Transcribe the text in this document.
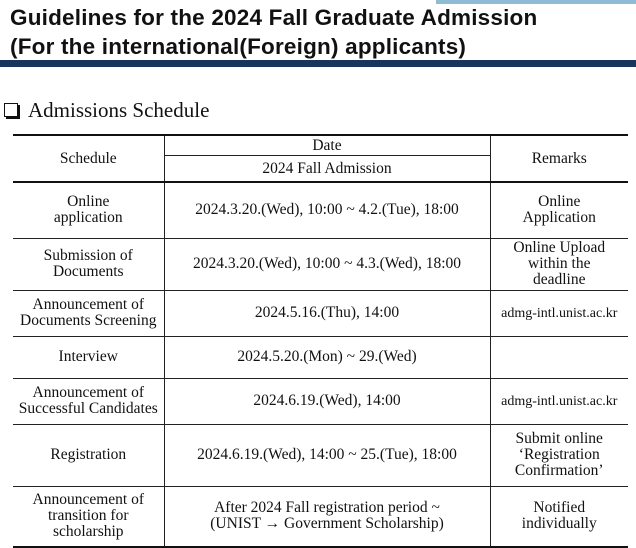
Guidelines for the 2024 Fall Graduate Admission
(For the international(Foreign) applicants)
Admissions Schedule
Schedule	Date	Remarks
	2024 Fall Admission	
Online
application	2024.3.20.(Wed), 10:00 ~ 4.2.(Tue), 18:00	Online
Application
Submission of
Documents	2024.3.20.(Wed), 10:00 ~ 4.3.(Wed), 18:00	Online Upload
within the
deadline
Announcement of
Documents Screening	2024.5.16.(Thu), 14:00	admg-intl.unist.ac.kr
Interview	2024.5.20.(Mon) ~ 29.(Wed)	
Announcement of
Successful Candidates	2024.6.19.(Wed), 14:00	admg-intl.unist.ac.kr
Registration	2024.6.19.(Wed), 14:00 ~ 25.(Tue), 18:00	Submit online
‘Registration
Confirmation’
Announcement of
transition for
scholarship	After 2024 Fall registration period ~
(UNIST → Government Scholarship)	Notified
individually
